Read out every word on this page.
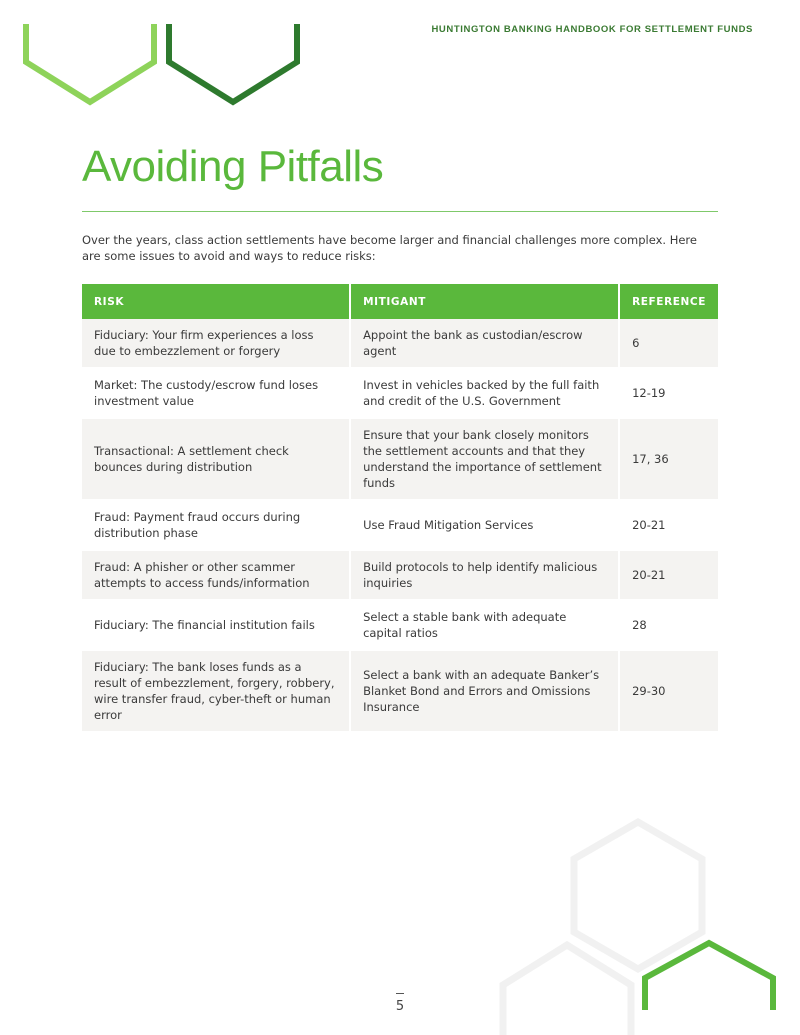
HUNTINGTON BANKING HANDBOOK FOR SETTLEMENT FUNDS
Avoiding Pitfalls

Over the years, class action settlements have become larger and financial challenges more complex. Here are some issues to avoid and ways to reduce risks:

RISK	MITIGANT	REFERENCE
Fiduciary: Your firm experiences a loss due to embezzlement or forgery	Appoint the bank as custodian/escrow agent	6
Market: The custody/escrow fund loses investment value	Invest in vehicles backed by the full faith and credit of the U.S. Government	12-19
Transactional: A settlement check bounces during distribution	Ensure that your bank closely monitors the settlement accounts and that they understand the importance of settlement funds	17, 36
Fraud: Payment fraud occurs during distribution phase	Use Fraud Mitigation Services	20-21
Fraud: A phisher or other scammer attempts to access funds/information	Build protocols to help identify malicious inquiries	20-21
Fiduciary: The financial institution fails	Select a stable bank with adequate capital ratios	28
Fiduciary: The bank loses funds as a result of embezzlement, forgery, robbery, wire transfer fraud, cyber-theft or human error	Select a bank with an adequate Banker’s Blanket Bond and Errors and Omissions Insurance	29-30
5
